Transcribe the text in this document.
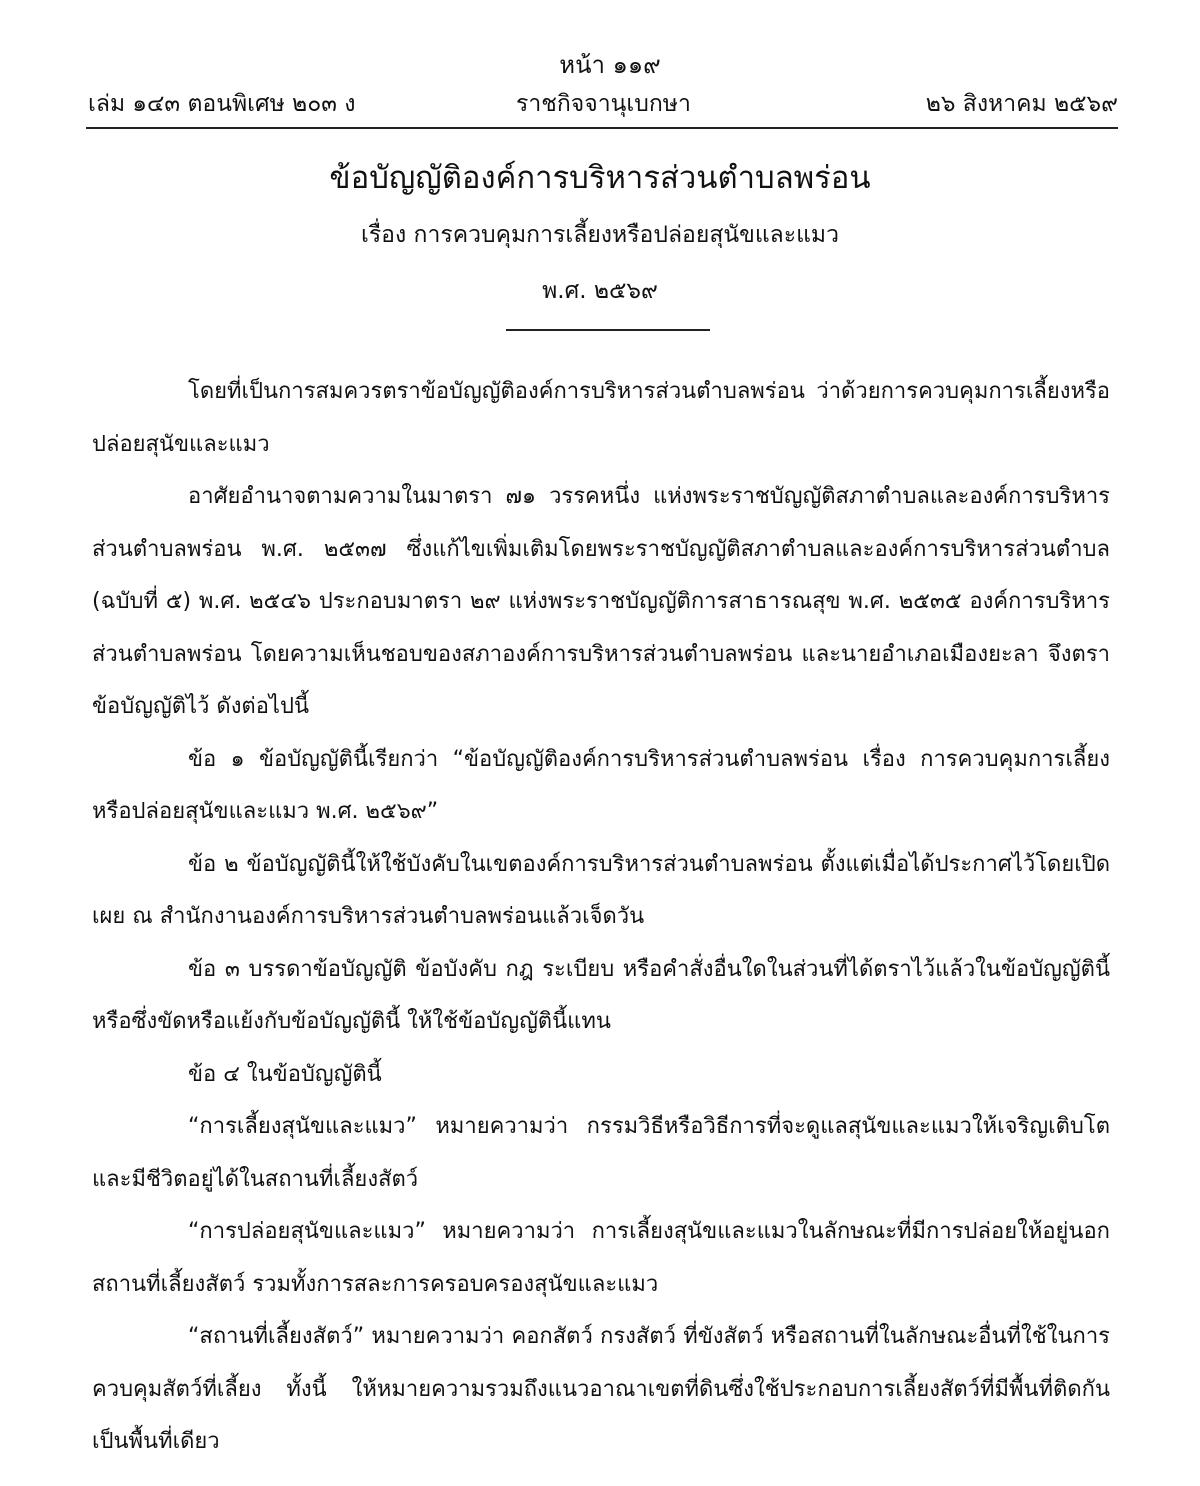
หน้า ๑๑๙
เล่ม ๑๔๓ ตอนพิเศษ ๒๐๓ ง	ราชกิจจานุเบกษา	๒๖ สิงหาคม ๒๕๖๙
ข้อบัญญัติองค์การบริหารส่วนตำบลพร่อน
เรื่อง การควบคุมการเลี้ยงหรือปล่อยสุนัขและแมว
พ.ศ. ๒๕๖๙

โดยที่เป็นการสมควรตราข้อบัญญัติองค์การบริหารส่วนตำบลพร่อน ว่าด้วยการควบคุมการเลี้ยงหรือปล่อยสุนัขและแมว

อาศัยอำนาจตามความในมาตรา ๗๑ วรรคหนึ่ง แห่งพระราชบัญญัติสภาตำบลและองค์การบริหารส่วนตำบลพร่อน พ.ศ. ๒๕๓๗ ซึ่งแก้ไขเพิ่มเติมโดยพระราชบัญญัติสภาตำบลและองค์การบริหารส่วนตำบล (ฉบับที่ ๕) พ.ศ. ๒๕๔๖ ประกอบมาตรา ๒๙ แห่งพระราชบัญญัติการสาธารณสุข พ.ศ. ๒๕๓๕ องค์การบริหารส่วนตำบลพร่อน โดยความเห็นชอบของสภาองค์การบริหารส่วนตำบลพร่อน และนายอำเภอเมืองยะลา จึงตราข้อบัญญัติไว้ ดังต่อไปนี้

ข้อ ๑ ข้อบัญญัตินี้เรียกว่า “ข้อบัญญัติองค์การบริหารส่วนตำบลพร่อน เรื่อง การควบคุมการเลี้ยงหรือปล่อยสุนัขและแมว พ.ศ. ๒๕๖๙”

ข้อ ๒ ข้อบัญญัตินี้ให้ใช้บังคับในเขตองค์การบริหารส่วนตำบลพร่อน ตั้งแต่เมื่อได้ประกาศไว้โดยเปิดเผย ณ สำนักงานองค์การบริหารส่วนตำบลพร่อนแล้วเจ็ดวัน

ข้อ ๓ บรรดาข้อบัญญัติ ข้อบังคับ กฎ ระเบียบ หรือคำสั่งอื่นใดในส่วนที่ได้ตราไว้แล้วในข้อบัญญัตินี้หรือซึ่งขัดหรือแย้งกับข้อบัญญัตินี้ ให้ใช้ข้อบัญญัตินี้แทน

ข้อ ๔ ในข้อบัญญัตินี้

“การเลี้ยงสุนัขและแมว” หมายความว่า กรรมวิธีหรือวิธีการที่จะดูแลสุนัขและแมวให้เจริญเติบโตและมีชีวิตอยู่ได้ในสถานที่เลี้ยงสัตว์

“การปล่อยสุนัขและแมว” หมายความว่า การเลี้ยงสุนัขและแมวในลักษณะที่มีการปล่อยให้อยู่นอกสถานที่เลี้ยงสัตว์ รวมทั้งการสละการครอบครองสุนัขและแมว

“สถานที่เลี้ยงสัตว์” หมายความว่า คอกสัตว์ กรงสัตว์ ที่ขังสัตว์ หรือสถานที่ในลักษณะอื่นที่ใช้ในการควบคุมสัตว์ที่เลี้ยง ทั้งนี้ ให้หมายความรวมถึงแนวอาณาเขตที่ดินซึ่งใช้ประกอบการเลี้ยงสัตว์ที่มีพื้นที่ติดกันเป็นพื้นที่เดียว
